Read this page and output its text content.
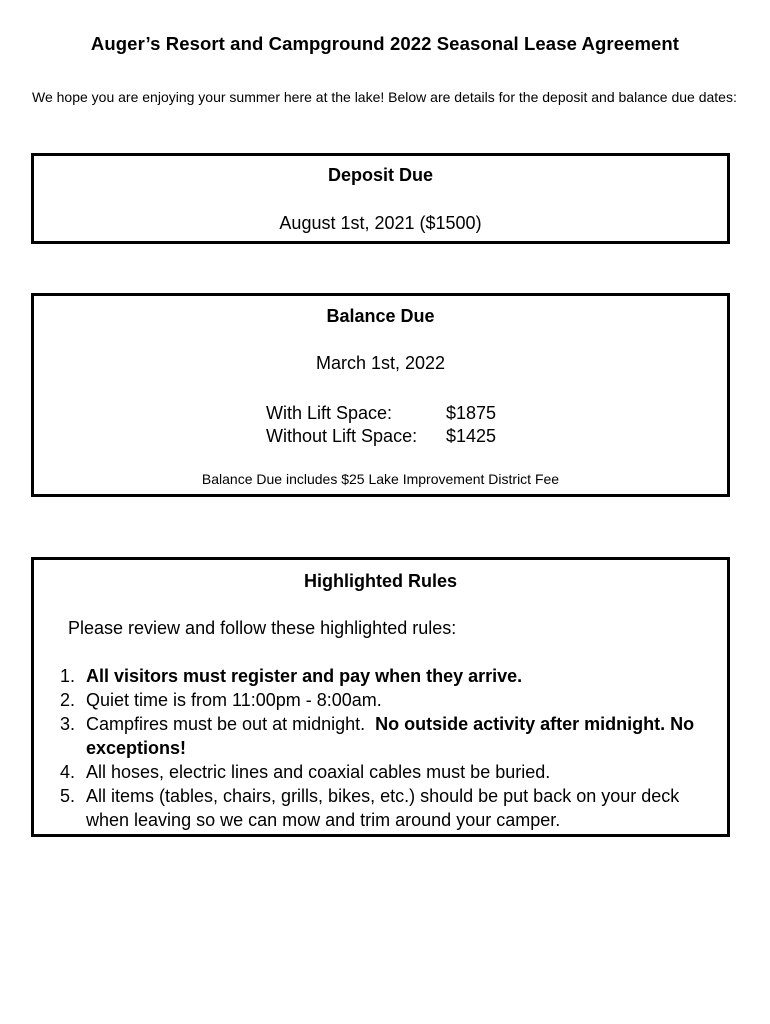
Auger’s Resort and Campground 2022 Seasonal Lease Agreement
We hope you are enjoying your summer here at the lake! Below are details for the deposit and balance due dates:
Deposit Due
August 1st, 2021 ($1500)
Balance Due
March 1st, 2022
With Lift Space:	$1875
Without Lift Space:	$1425
Balance Due includes $25 Lake Improvement District Fee
Highlighted Rules
Please review and follow these highlighted rules:
1. All visitors must register and pay when they arrive.
2. Quiet time is from 11:00pm - 8:00am.
3. Campfires must be out at midnight.  No outside activity after midnight. No exceptions!
4. All hoses, electric lines and coaxial cables must be buried.
5. All items (tables, chairs, grills, bikes, etc.) should be put back on your deck when leaving so we can mow and trim around your camper.
